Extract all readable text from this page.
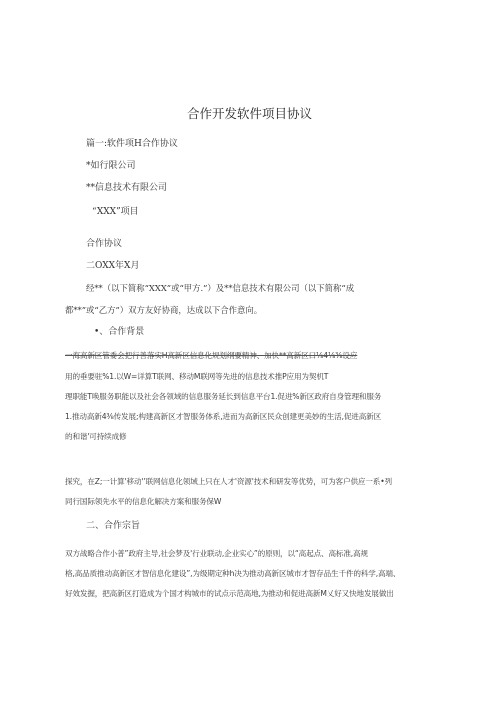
合作开发软件项目协议
篇一:软件项H合作协议
*如行限公司
**信息技术有限公司
“XXX”项目
合作协议
二OXX年X月
经**（以下简称“XXX”或“甲方.”）及**信息技术有限公司（以下简称“成
都**”或“乙方”）双方友好协商，达成以下合作意向。
•、合作背景
一海高新区管委会把行善落实H高新区信息化规划纲要精神、加快**高新区口⅛4⅛⅜设应
用的垂要驻%1.以W=详算T联网、移动M联网等先进的信息技术推P应用为契机T
理职能T唤服务职能以及社会各领域的信息服务延长到信息平台1.促进%新区政府自身管理和服务
1.推动高新4⅜传发展;构建高新区才智服务体系,进而为高新区民众创建更美妙的生活,促进高新区
的和谐'可持续成修
探究，在Z;一计算'移动'’联网信息化领域上只在人才'资源'技术和研发等优势，可为客户供应一系•列
同行国际领先水平的信息化解决方案和服务保W
二、合作宗旨
双方战略合作小普”政府主导,社会梦及'行业联动,企业实心”的原则，以“高起点、高标准,高规
格,高品质推动高新区才智信息化建设”,为级期定种h决为推动高新区城市才智存品生千件的科学,高端、
好效发握，把高新区打造成为个国才构城市的试点示范高地,为推动和促进高新M乂好又快地发展做出
